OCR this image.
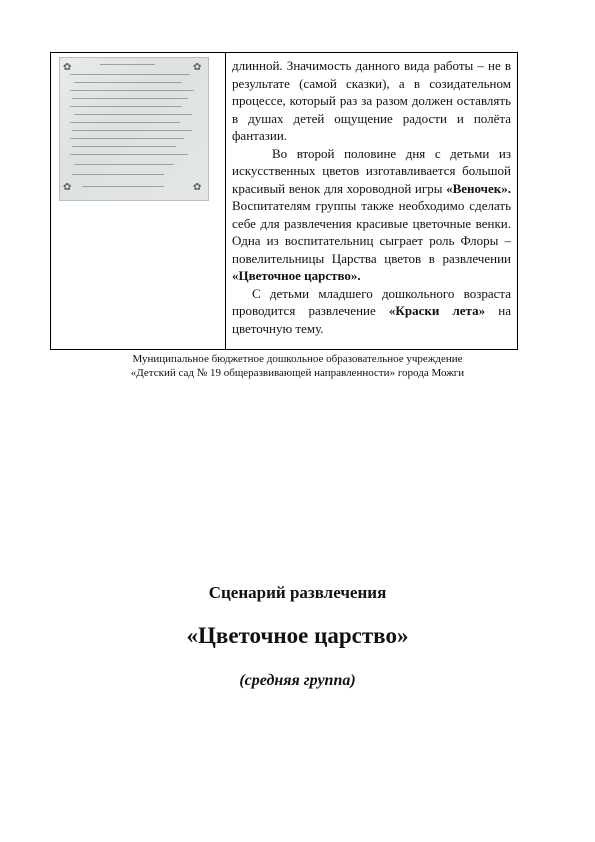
✿	✿
✿	✿

длинной. Значимость данного вида работы – не в результате (самой сказки), а в созидательном процессе, который раз за разом должен оставлять в душах детей ощущение радости и полёта фантазии.

Во второй половине дня с детьми из искусственных цветов изготавливается большой красивый венок для хороводной игры «Веночек». Воспитателям группы также необходимо сделать себе для развлечения красивые цветочные венки. Одна из воспитательниц сыграет роль Флоры – повелительницы Царства цветов в развлечении «Цветочное царство».

С детьми младшего дошкольного возраста проводится развлечение «Краски лета» на цветочную тему.

Муниципальное бюджетное дошкольное образовательное учреждение
«Детский сад № 19 общеразвивающей направленности» города Можги
Сценарий развлечения
«Цветочное царство»
(средняя группа)
